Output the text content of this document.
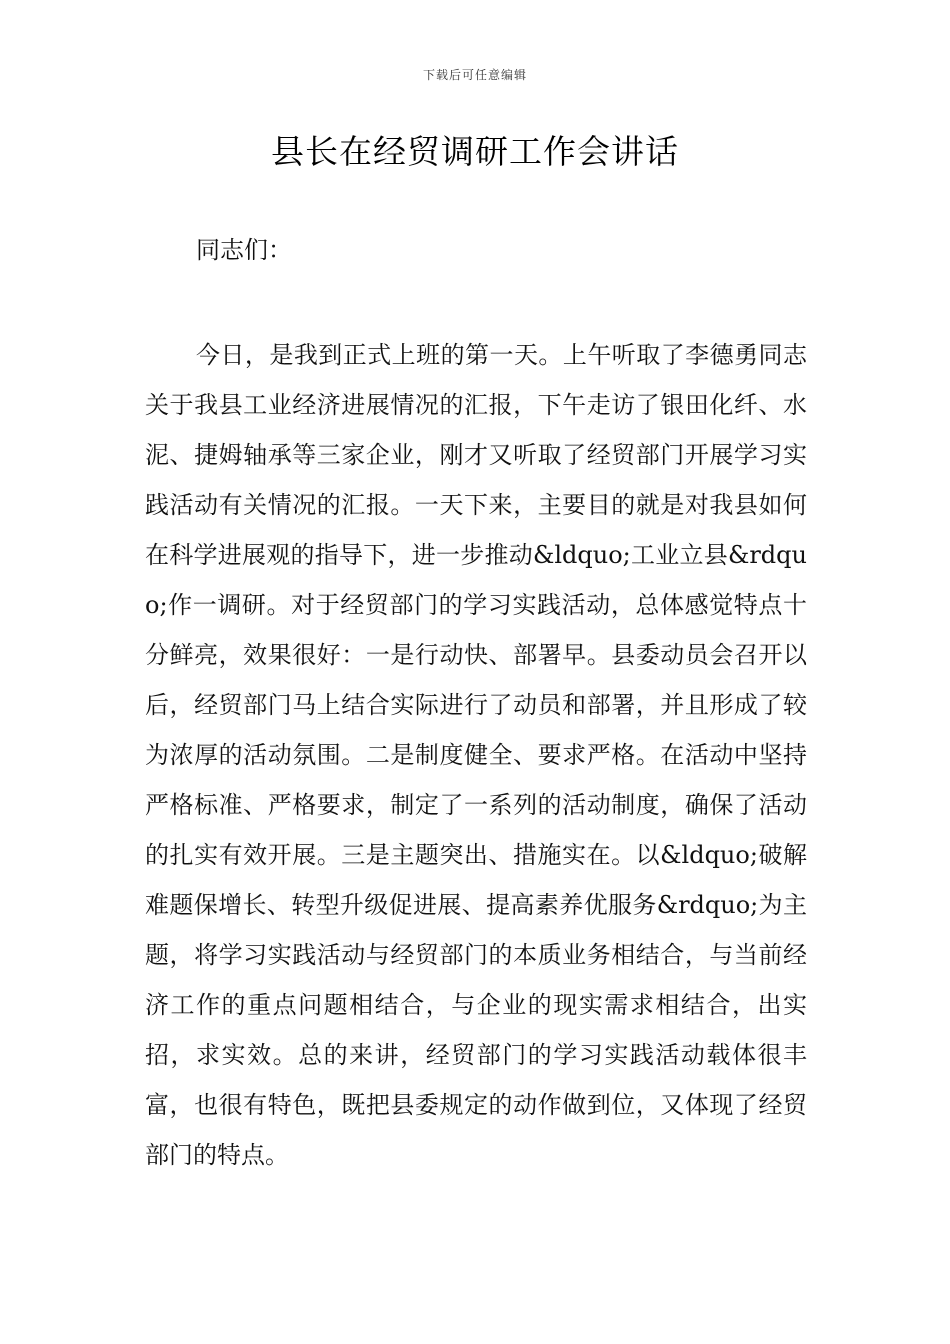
下载后可任意编辑
县长在经贸调研工作会讲话

同志们：

今日，是我到正式上班的第一天。上午听取了李德勇同志关于我县工业经济进展情况的汇报，下午走访了银田化纤、水泥、捷姆轴承等三家企业，刚才又听取了经贸部门开展学习实践活动有关情况的汇报。一天下来，主要目的就是对我县如何在科学进展观的指导下，进一步推动&ldquo;工业立县&rdquo;作一调研。对于经贸部门的学习实践活动，总体感觉特点十分鲜亮，效果很好：一是行动快、部署早。县委动员会召开以后，经贸部门马上结合实际进行了动员和部署，并且形成了较为浓厚的活动氛围。二是制度健全、要求严格。在活动中坚持严格标准、严格要求，制定了一系列的活动制度，确保了活动的扎实有效开展。三是主题突出、措施实在。以&ldquo;破解难题保增长、转型升级促进展、提高素养优服务&rdquo;为主题，将学习实践活动与经贸部门的本质业务相结合，与当前经济工作的重点问题相结合，与企业的现实需求相结合，出实招，求实效。总的来讲，经贸部门的学习实践活动载体很丰富，也很有特色，既把县委规定的动作做到位，又体现了经贸部门的特点。
